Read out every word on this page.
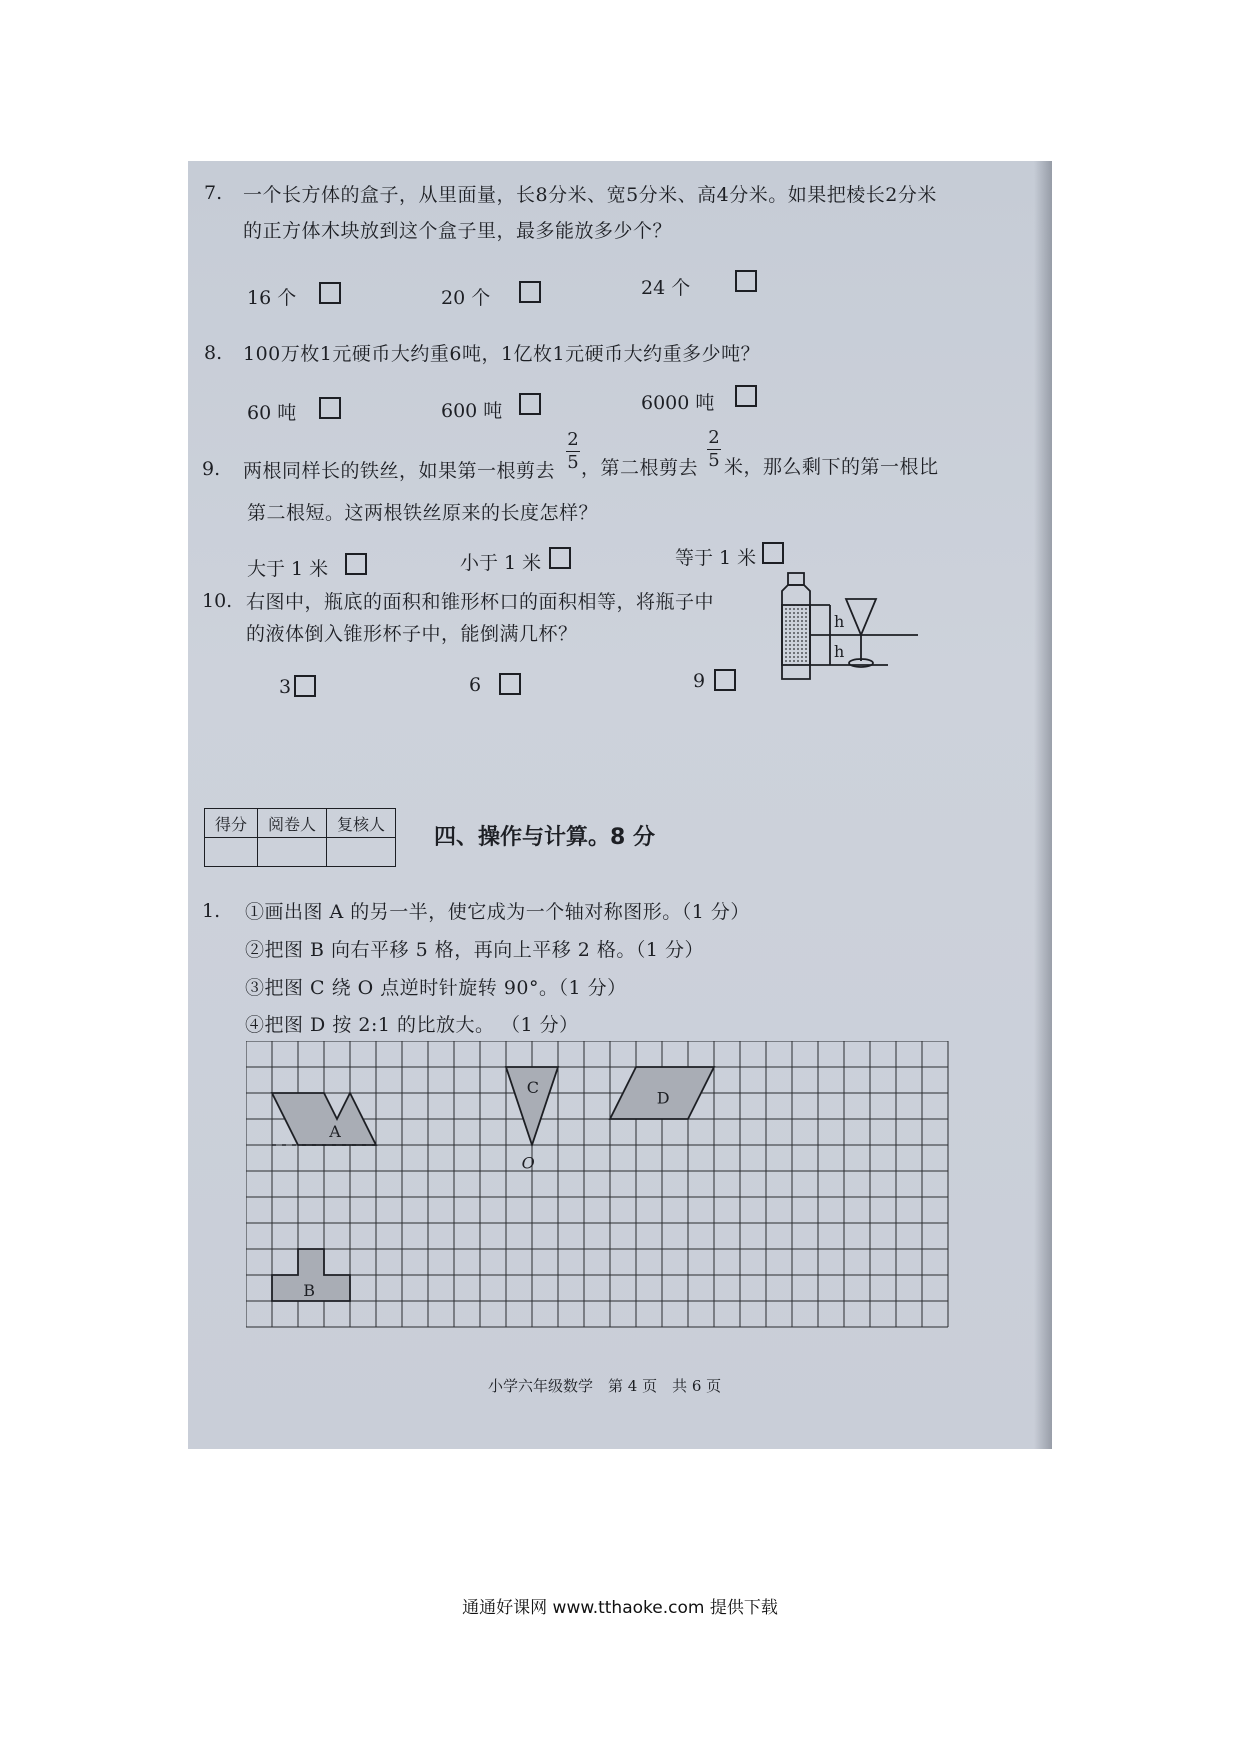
7. 一个长方体的盒子，从里面量，长8分米、宽5分米、高4分米。如果把棱长2分米
的正方体木块放到这个盒子里，最多能放多少个？
16 个	20 个	24 个
8. 100万枚1元硬币大约重6吨，1亿枚1元硬币大约重多少吨？
60 吨	600 吨	6000 吨
9. 两根同样长的铁丝，如果第一根剪去
2
5 ，第二根剪去
2
5 米，那么剩下的第一根比
第二根短。这两根铁丝原来的长度怎样？
大于 1 米	小于 1 米	等于 1 米
10. 右图中，瓶底的面积和锥形杯口的面积相等，将瓶子中
的液体倒入锥形杯子中，能倒满几杯？
3	6	9
h
h
得分	阅卷人	复核人

四、操作与计算。8 分
1. ①画出图 A 的另一半，使它成为一个轴对称图形。（1 分）
②把图 B 向右平移 5 格，再向上平移 2 格。（1 分）
③把图 C 绕 O 点逆时针旋转 90°。（1 分）
④把图 D 按 2:1 的比放大。 （1 分）
A
B
C
D
O
小学六年级数学　第 4 页　共 6 页
通通好课网 www.tthaoke.com 提供下载
